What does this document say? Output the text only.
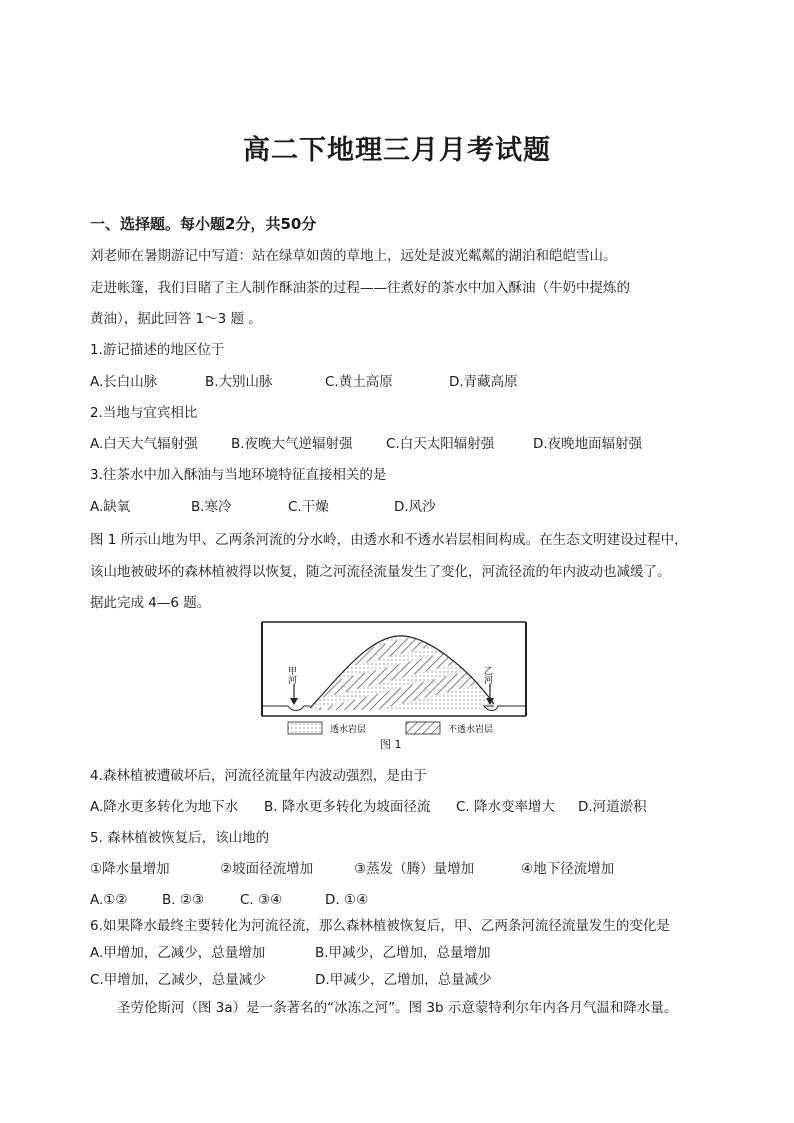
高二下地理三月月考试题
一、选择题。每小题2分，共50分
刘老师在暑期游记中写道：站在绿草如茵的草地上，远处是波光粼粼的湖泊和皑皑雪山。
走进帐篷，我们目睹了主人制作酥油茶的过程——往煮好的茶水中加入酥油（牛奶中提炼的
黄油），据此回答 1～3 题 。
1.游记描述的地区位于
A.长白山脉	B.大别山脉	C.黄土高原	D.青藏高原
2.当地与宜宾相比
A.白天大气辐射强 B.夜晚大气逆辐射强 C.白天太阳辐射强	D.夜晚地面辐射强
3.往茶水中加入酥油与当地环境特征直接相关的是
A.缺氧	B.寒冷	C.干燥	D.风沙
图 1 所示山地为甲、乙两条河流的分水岭，由透水和不透水岩层相间构成。在生态文明建设过程中，
该山地被破坏的森林植被得以恢复，随之河流径流量发生了变化，河流径流的年内波动也减缓了。
据此完成 4—6 题。
甲河	乙河
透水岩层	不透水岩层
图 1
4.森林植被遭破坏后，河流径流量年内波动强烈，是由于
A.降水更多转化为地下水 B. 降水更多转化为坡面径流 C. 降水变率增大 D.河道淤积
5. 森林植被恢复后，该山地的
①降水量增加	②坡面径流增加	③蒸发（腾）量增加	④地下径流增加
A.①②	B. ②③	C. ③④	D. ①④
6.如果降水最终主要转化为河流径流，那么森林植被恢复后，甲、乙两条河流径流量发生的变化是
A.甲增加，乙减少，总量增加	B.甲减少，乙增加，总量增加
C.甲增加，乙减少，总量减少	D.甲减少，乙增加，总量减少
圣劳伦斯河（图 3a）是一条著名的“冰冻之河”。图 3b 示意蒙特利尔年内各月气温和降水量。
